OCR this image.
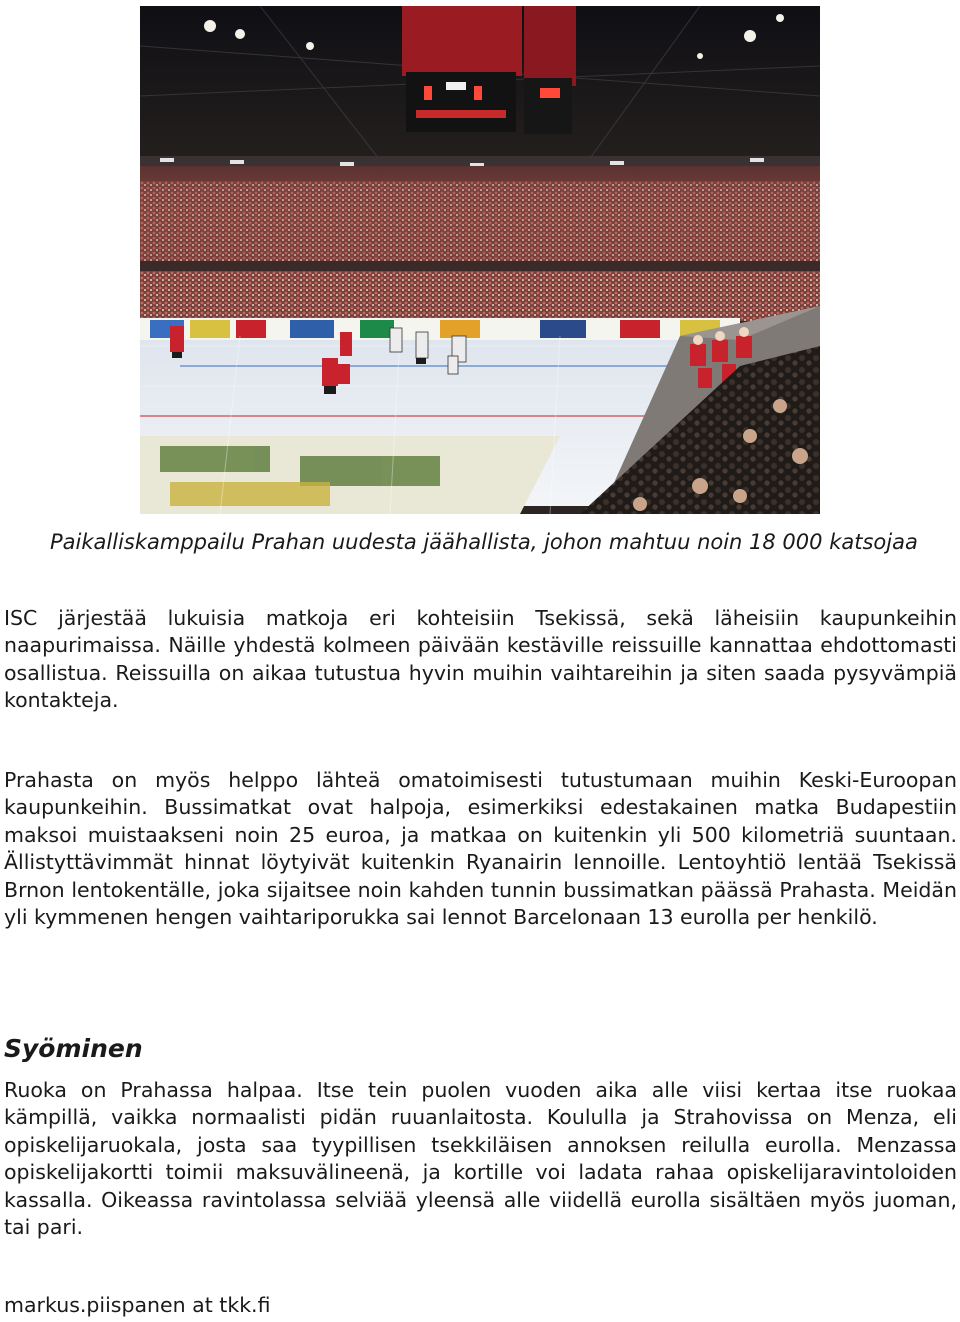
Paikalliskamppailu Prahan uudesta jäähallista, johon mahtuu noin 18 000 katsojaa

ISC järjestää lukuisia matkoja eri kohteisiin Tsekissä, sekä läheisiin kaupunkeihin naapurimaissa. Näille yhdestä kolmeen päivään kestäville reissuille kannattaa ehdottomasti osallistua. Reissuilla on aikaa tutustua hyvin muihin vaihtareihin ja siten saada pysyvämpiä kontakteja.

Prahasta on myös helppo lähteä omatoimisesti tutustumaan muihin Keski-Euroopan kaupunkeihin. Bussimatkat ovat halpoja, esimerkiksi edestakainen matka Budapestiin maksoi muistaakseni noin 25 euroa, ja matkaa on kuitenkin yli 500 kilometriä suuntaan. Ällistyttävimmät hinnat löytyivät kuitenkin Ryanairin lennoille. Lentoyhtiö lentää Tsekissä Brnon lentokentälle, joka sijaitsee noin kahden tunnin bussimatkan päässä Prahasta. Meidän yli kymmenen hengen vaihtariporukka sai lennot Barcelonaan 13 eurolla per henkilö.

Syöminen

Ruoka on Prahassa halpaa. Itse tein puolen vuoden aika alle viisi kertaa itse ruokaa kämpillä, vaikka normaalisti pidän ruuanlaitosta. Koululla ja Strahovissa on Menza, eli opiskelijaruokala, josta saa tyypillisen tsekkiläisen annoksen reilulla eurolla. Menzassa opiskelijakortti toimii maksuvälineenä, ja kortille voi ladata rahaa opiskelijaravintoloiden kassalla. Oikeassa ravintolassa selviää yleensä alle viidellä eurolla sisältäen myös juoman, tai pari.

markus.piispanen at tkk.fi
